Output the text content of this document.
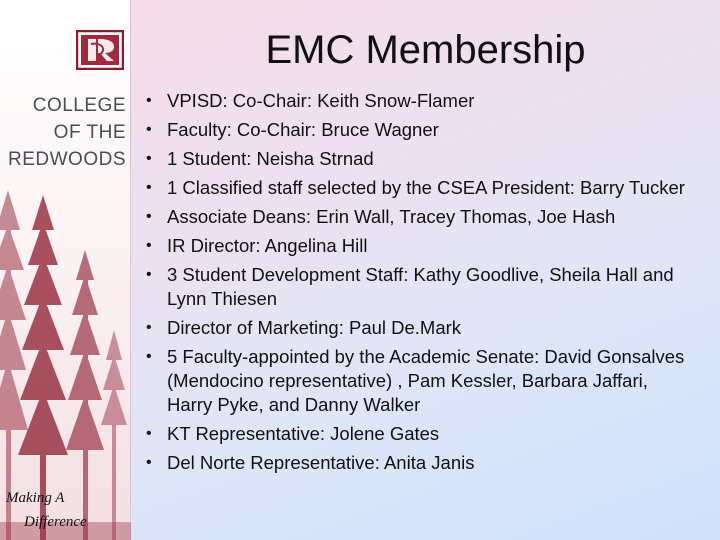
COLLEGE
OF THE
REDWOODS
Making A
Difference
EMC Membership
• VPISD: Co-Chair: Keith Snow-Flamer
• Faculty: Co-Chair: Bruce Wagner
• 1 Student: Neisha Strnad
• 1 Classified staff selected by the CSEA President: Barry Tucker
• Associate Deans: Erin Wall, Tracey Thomas, Joe Hash
• IR Director: Angelina Hill
• 3 Student Development Staff: Kathy Goodlive, Sheila Hall and Lynn Thiesen
• Director of Marketing: Paul De.Mark
• 5 Faculty-appointed by the Academic Senate: David Gonsalves (Mendocino representative) , Pam Kessler, Barbara Jaffari, Harry Pyke, and Danny Walker
• KT Representative: Jolene Gates
• Del Norte Representative: Anita Janis
